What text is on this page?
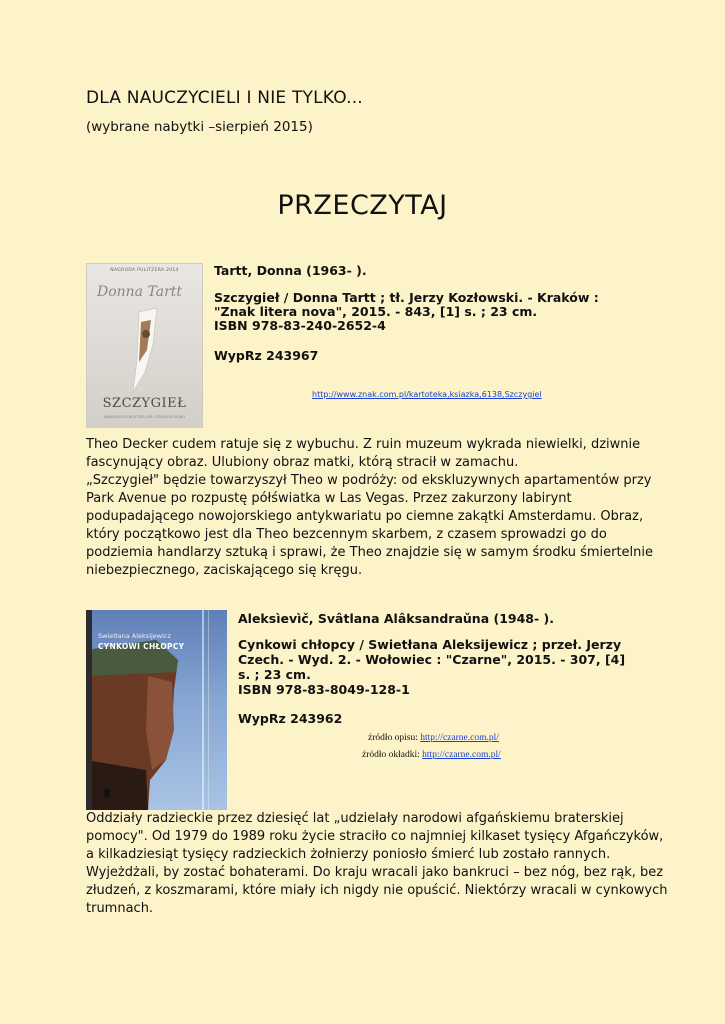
DLA NAUCZYCIELI I NIE TYLKO...
(wybrane nabytki –sierpień 2015)
PRZECZYTAJ
NAGRODA PULITZERA 2014
Donna Tartt
SZCZYGIEŁ
NAJWIĘKSZY BESTSELLER LITERACKI ROKU
Tartt, Donna (1963- ).
Szczygieł / Donna Tartt ; tł. Jerzy Kozłowski. - Kraków :
"Znak litera nova", 2015. - 843, [1] s. ; 23 cm.
ISBN 978-83-240-2652-4
WypRz 243967
http://www.znak.com.pl/kartoteka,ksiazka,6138,Szczygiel
Theo Decker cudem ratuje się z wybuchu. Z ruin muzeum wykrada niewielki, dziwnie
fascynujący obraz. Ulubiony obraz matki, którą stracił w zamachu.
„Szczygieł" będzie towarzyszył Theo w podróży: od ekskluzywnych apartamentów przy
Park Avenue po rozpustę półświatka w Las Vegas. Przez zakurzony labirynt
podupadającego nowojorskiego antykwariatu po ciemne zakątki Amsterdamu. Obraz,
który początkowo jest dla Theo bezcennym skarbem, z czasem sprowadzi go do
podziemia handlarzy sztuką i sprawi, że Theo znajdzie się w samym środku śmiertelnie
niebezpiecznego, zaciskającego się kręgu.
Swietłana Aleksijewicz
CYNKOWI CHŁOPCY
Aleksìevìč, Svâtlana Alâksandraǔna (1948- ).
Cynkowi chłopcy / Swietłana Aleksijewicz ; przeł. Jerzy
Czech. - Wyd. 2. - Wołowiec : "Czarne", 2015. - 307, [4]
s. ; 23 cm.
ISBN 978-83-8049-128-1
WypRz 243962
źródło opisu: http://czarne.com.pl/
źródło okładki: http://czarne.com.pl/
Oddziały radzieckie przez dziesięć lat „udzielały narodowi afgańskiemu braterskiej
pomocy". Od 1979 do 1989 roku życie straciło co najmniej kilkaset tysięcy Afgańczyków,
a kilkadziesiąt tysięcy radzieckich żołnierzy poniosło śmierć lub zostało rannych.
Wyjeżdżali, by zostać bohaterami. Do kraju wracali jako bankruci – bez nóg, bez rąk, bez
złudzeń, z koszmarami, które miały ich nigdy nie opuścić. Niektórzy wracali w cynkowych
trumnach.
